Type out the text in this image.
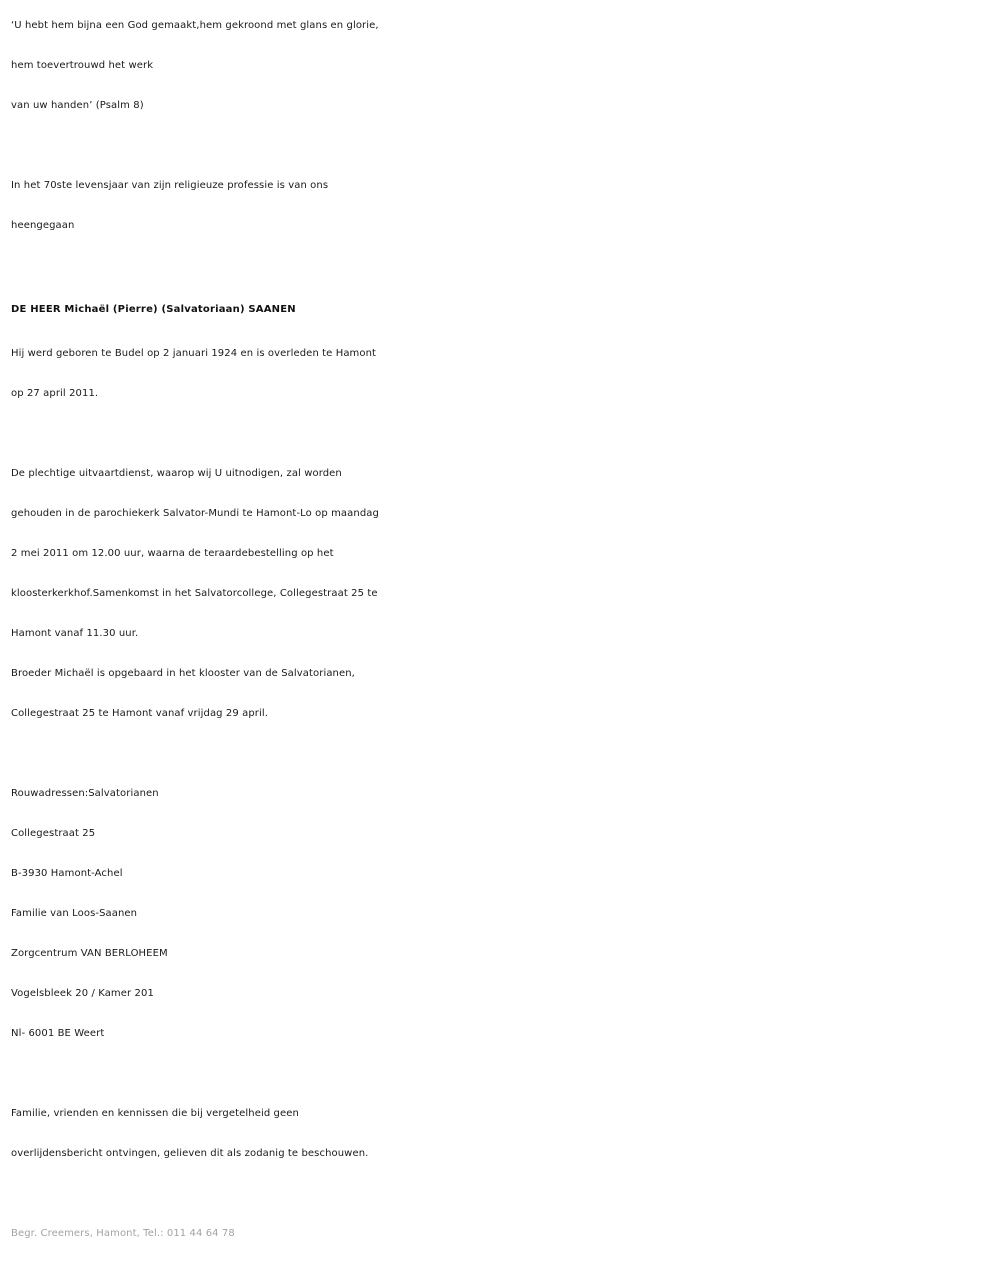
‘U hebt hem bijna een God gemaakt,hem gekroond met glans en glorie,
hem toevertrouwd het werk
van uw handen’ (Psalm 8)
In het 70ste levensjaar van zijn religieuze professie is van ons
heengegaan
DE HEER Michaël (Pierre) (Salvatoriaan) SAANEN
Hij werd geboren te Budel op 2 januari 1924 en is overleden te Hamont
op 27 april 2011.
De plechtige uitvaartdienst, waarop wij U uitnodigen, zal worden
gehouden in de parochiekerk Salvator-Mundi te Hamont-Lo op maandag
2 mei 2011 om 12.00 uur, waarna de teraardebestelling op het
kloosterkerkhof.Samenkomst in het Salvatorcollege, Collegestraat 25 te
Hamont vanaf 11.30 uur.
Broeder Michaël is opgebaard in het klooster van de Salvatorianen,
Collegestraat 25 te Hamont vanaf vrijdag 29 april.
Rouwadressen:Salvatorianen
Collegestraat 25
B-3930 Hamont-Achel
Familie van Loos-Saanen
Zorgcentrum VAN BERLOHEEM
Vogelsbleek 20 / Kamer 201
Nl- 6001 BE Weert
Familie, vrienden en kennissen die bij vergetelheid geen
overlijdensbericht ontvingen, gelieven dit als zodanig te beschouwen.
Begr. Creemers, Hamont, Tel.: 011 44 64 78
